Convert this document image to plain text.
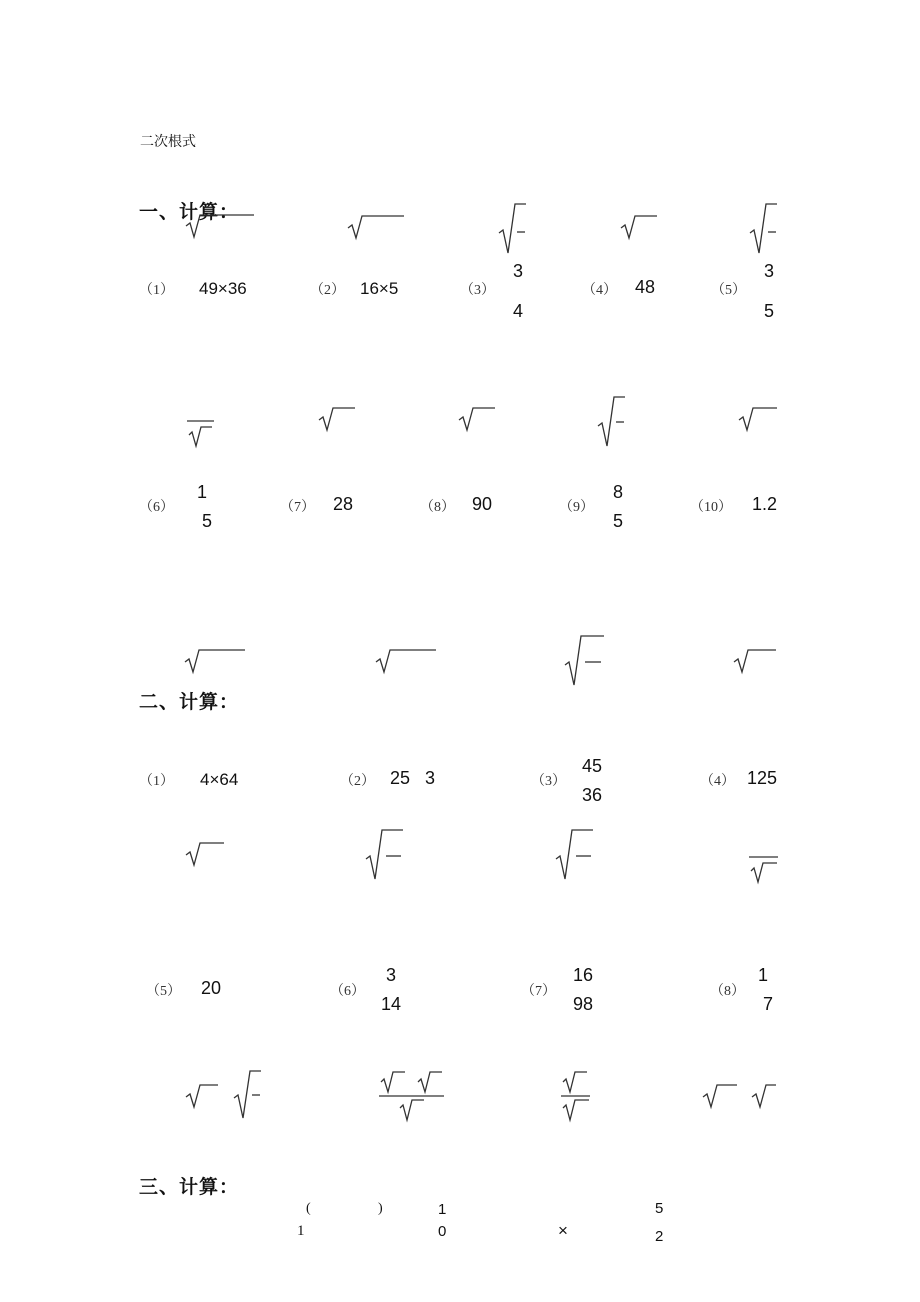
二次根式
一、计算：
（1） 49×36	（2） 16×5	（3）
3
4
（4） 48	（5）
3
5
（6）
1
5
（7） 28	（8） 90	（9）
8
5
（10） 1.2
二、计算：
（1） 4×64	（2） 25 3	（3）
45
36
（4） 125
（5） 20	（6）
3
14
（7）
16
98
（8）
1
7
三、计算：
(	)
1
1
0	×
5
2
